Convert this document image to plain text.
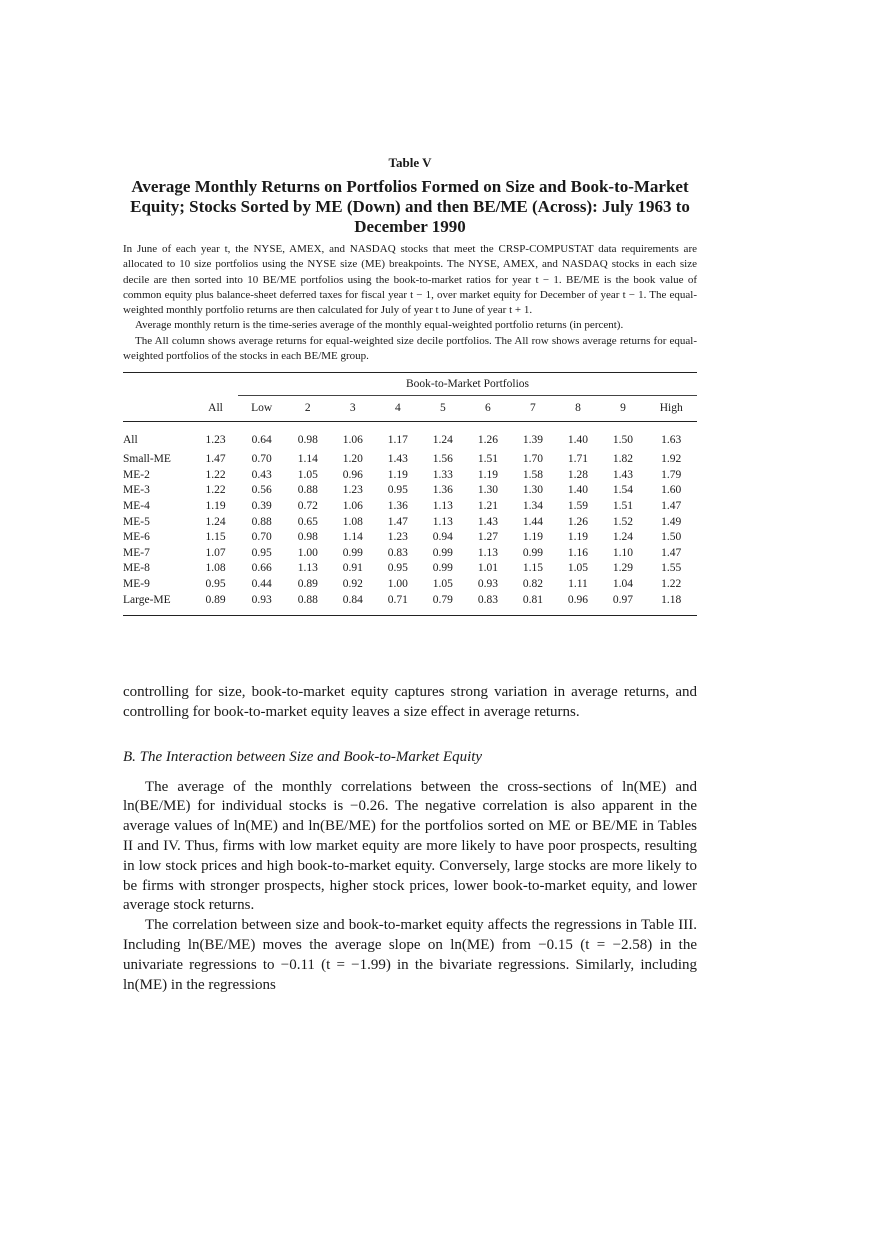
Table V
Average Monthly Returns on Portfolios Formed on Size and Book-to-Market Equity; Stocks Sorted by ME (Down) and then BE/ME (Across): July 1963 to December 1990

In June of each year t, the NYSE, AMEX, and NASDAQ stocks that meet the CRSP-COMPUSTAT data requirements are allocated to 10 size portfolios using the NYSE size (ME) breakpoints. The NYSE, AMEX, and NASDAQ stocks in each size decile are then sorted into 10 BE/ME portfolios using the book-to-market ratios for year t − 1. BE/ME is the book value of common equity plus balance-sheet deferred taxes for fiscal year t − 1, over market equity for December of year t − 1. The equal-weighted monthly portfolio returns are then calculated for July of year t to June of year t + 1.

Average monthly return is the time-series average of the monthly equal-weighted portfolio returns (in percent).

The All column shows average returns for equal-weighted size decile portfolios. The All row shows average returns for equal-weighted portfolios of the stocks in each BE/ME group.

		Book-to-Market Portfolios									
	All	Low	2	3	4	5	6	7	8	9	High
All	1.23	0.64	0.98	1.06	1.17	1.24	1.26	1.39	1.40	1.50	1.63
Small-ME	1.47	0.70	1.14	1.20	1.43	1.56	1.51	1.70	1.71	1.82	1.92
ME-2	1.22	0.43	1.05	0.96	1.19	1.33	1.19	1.58	1.28	1.43	1.79
ME-3	1.22	0.56	0.88	1.23	0.95	1.36	1.30	1.30	1.40	1.54	1.60
ME-4	1.19	0.39	0.72	1.06	1.36	1.13	1.21	1.34	1.59	1.51	1.47
ME-5	1.24	0.88	0.65	1.08	1.47	1.13	1.43	1.44	1.26	1.52	1.49
ME-6	1.15	0.70	0.98	1.14	1.23	0.94	1.27	1.19	1.19	1.24	1.50
ME-7	1.07	0.95	1.00	0.99	0.83	0.99	1.13	0.99	1.16	1.10	1.47
ME-8	1.08	0.66	1.13	0.91	0.95	0.99	1.01	1.15	1.05	1.29	1.55
ME-9	0.95	0.44	0.89	0.92	1.00	1.05	0.93	0.82	1.11	1.04	1.22
Large-ME	0.89	0.93	0.88	0.84	0.71	0.79	0.83	0.81	0.96	0.97	1.18

controlling for size, book-to-market equity captures strong variation in average returns, and controlling for book-to-market equity leaves a size effect in average returns.

B. The Interaction between Size and Book-to-Market Equity

The average of the monthly correlations between the cross-sections of ln(ME) and ln(BE/ME) for individual stocks is −0.26. The negative correlation is also apparent in the average values of ln(ME) and ln(BE/ME) for the portfolios sorted on ME or BE/ME in Tables II and IV. Thus, firms with low market equity are more likely to have poor prospects, resulting in low stock prices and high book-to-market equity. Conversely, large stocks are more likely to be firms with stronger prospects, higher stock prices, lower book-to-market equity, and lower average stock returns.

The correlation between size and book-to-market equity affects the regressions in Table III. Including ln(BE/ME) moves the average slope on ln(ME) from −0.15 (t = −2.58) in the univariate regressions to −0.11 (t = −1.99) in the bivariate regressions. Similarly, including ln(ME) in the regressions
